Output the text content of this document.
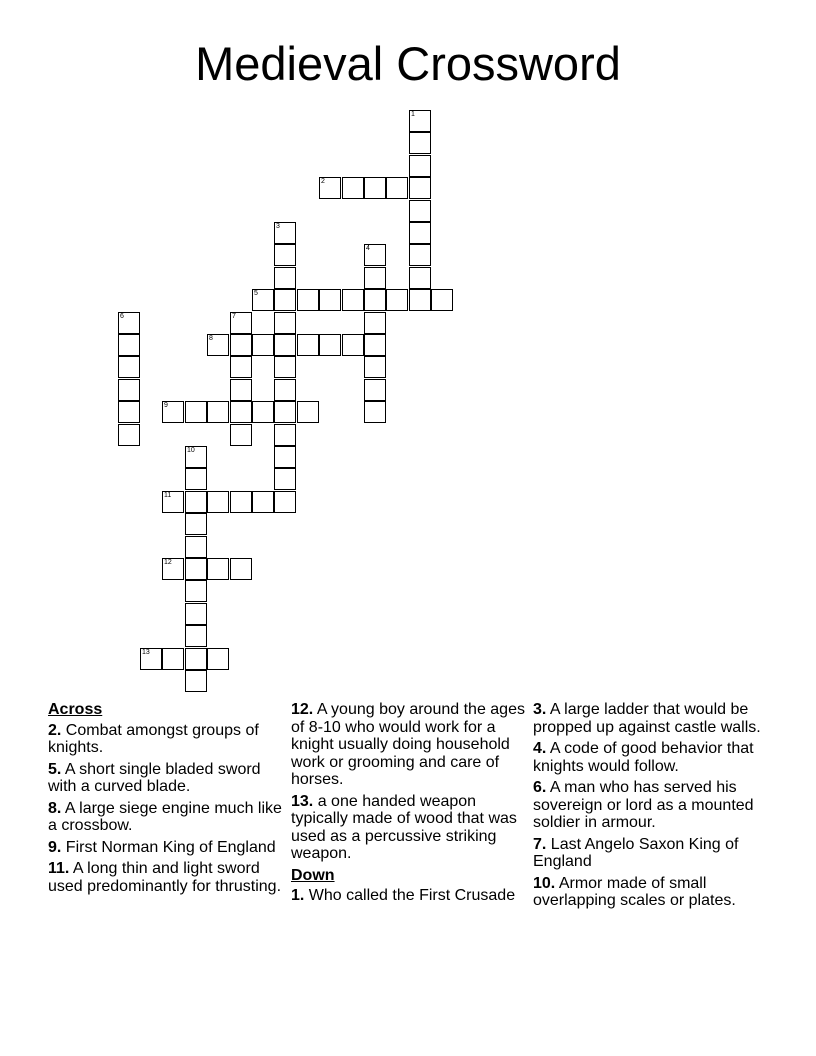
Medieval Crossword
1
2
3
4
5
6	7
8
9
10
11
12
13
Across
2. Combat amongst groups of knights.
5. A short single bladed sword with a curved blade.
8. A large siege engine much like a crossbow.
9. First Norman King of England
11. A long thin and light sword used predominantly for thrusting.
12. A young boy around the ages of 8-10 who would work for a knight usually doing household work or grooming and care of horses.
13. a one handed weapon typically made of wood that was used as a percussive striking weapon.
Down
1. Who called the First Crusade
3. A large ladder that would be propped up against castle walls.
4. A code of good behavior that knights would follow.
6. A man who has served his sovereign or lord as a mounted soldier in armour.
7. Last Angelo Saxon King of England
10. Armor made of small overlapping scales or plates.
